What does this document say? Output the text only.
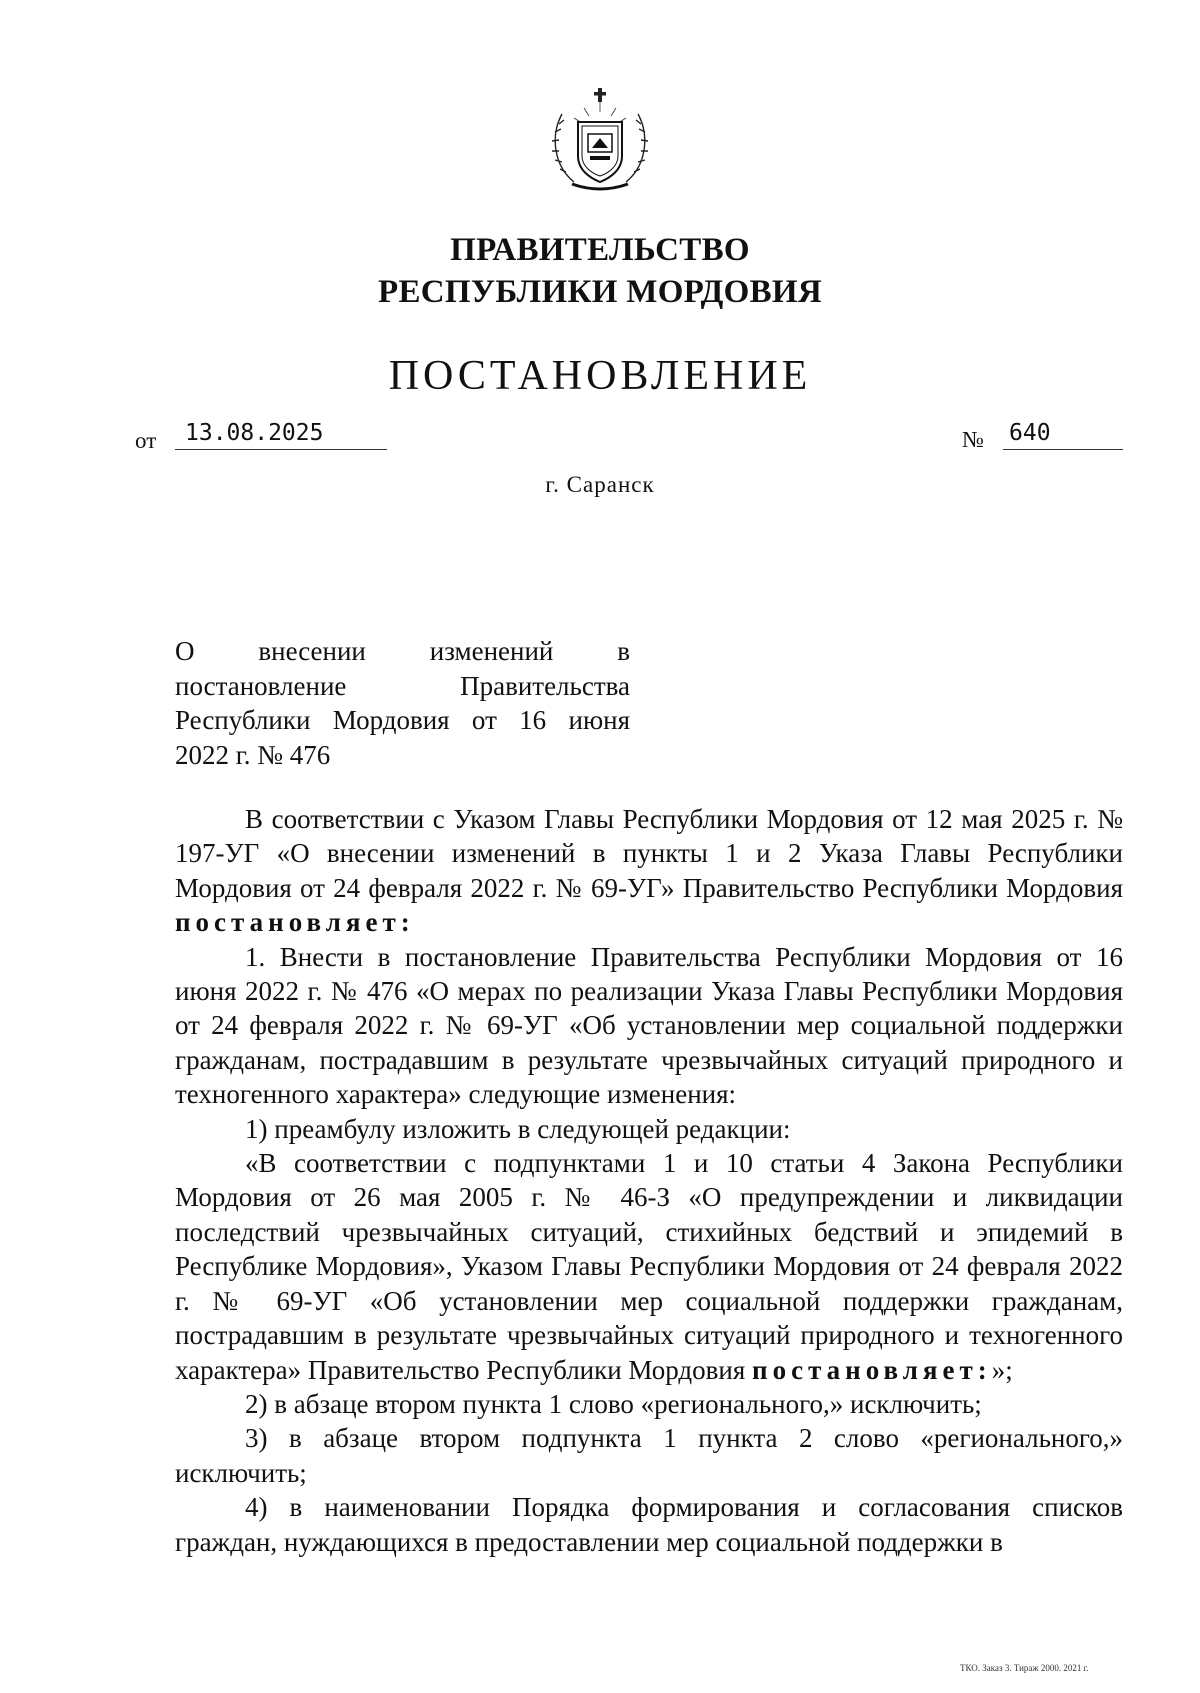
ПРАВИТЕЛЬСТВО
РЕСПУБЛИКИ МОРДОВИЯ
ПОСТАНОВЛЕНИЕ
от	13.08.2025	№ 640
г. Саранск
О внесении изменений в
постановление Правительства
Республики Мордовия от 16 июня
2022 г. № 476

В соответствии с Указом Главы Республики Мордовия от 12 мая 2025 г. № 197-УГ «О внесении изменений в пункты 1 и 2 Указа Главы Республики Мордовия от 24 февраля 2022 г. № 69-УГ» Правительство Республики Мордовия постановляет:

1. Внести в постановление Правительства Республики Мордовия от 16 июня 2022 г. № 476 «О мерах по реализации Указа Главы Республики Мордовия от 24 февраля 2022 г. № 69-УГ «Об установлении мер социальной поддержки гражданам, пострадавшим в результате чрезвычайных ситуаций природного и техногенного характера» следующие изменения:

1) преамбулу изложить в следующей редакции:

«В соответствии с подпунктами 1 и 10 статьи 4 Закона Республики Мордовия от 26 мая 2005 г. № 46-З «О предупреждении и ликвидации последствий чрезвычайных ситуаций, стихийных бедствий и эпидемий в Республике Мордовия», Указом Главы Республики Мордовия от 24 февраля 2022 г. № 69-УГ «Об установлении мер социальной поддержки гражданам, пострадавшим в результате чрезвычайных ситуаций природного и техногенного характера» Правительство Республики Мордовия постановляет:»;

2) в абзаце втором пункта 1 слово «регионального,» исключить;

3) в абзаце втором подпункта 1 пункта 2 слово «регионального,» исключить;

4) в наименовании Порядка формирования и согласования списков граждан, нуждающихся в предоставлении мер социальной поддержки в

ТКО. Заказ 3. Тираж 2000. 2021 г.
